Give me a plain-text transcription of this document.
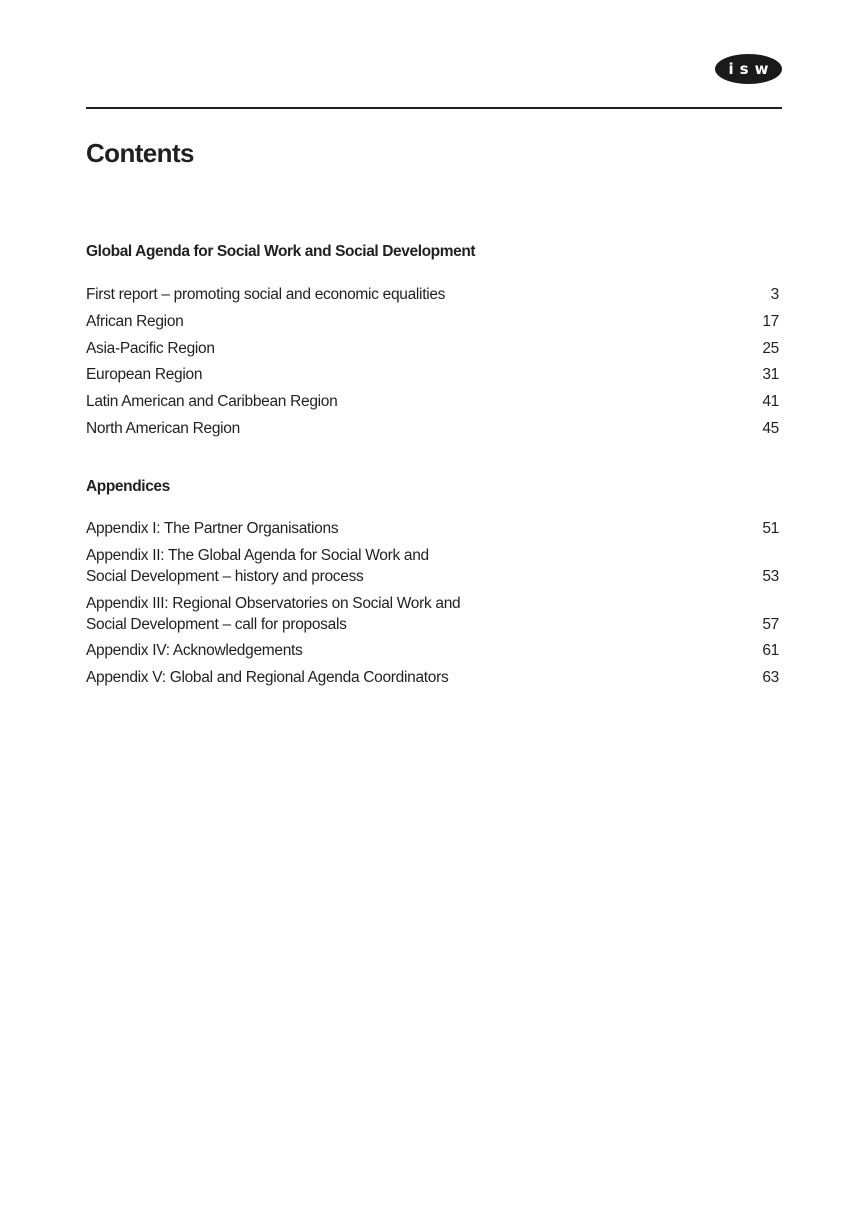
isw
Contents
Global Agenda for Social Work and Social Development
First report – promoting social and economic equalities	3
African Region	17
Asia-Pacific Region	25
European Region	31
Latin American and Caribbean Region	41
North American Region	45
Appendices
Appendix I: The Partner Organisations	51
Appendix II: The Global Agenda for Social Work and
Social Development – history and process	53
Appendix III: Regional Observatories on Social Work and
Social Development – call for proposals	57
Appendix IV: Acknowledgements	61
Appendix V: Global and Regional Agenda Coordinators	63
